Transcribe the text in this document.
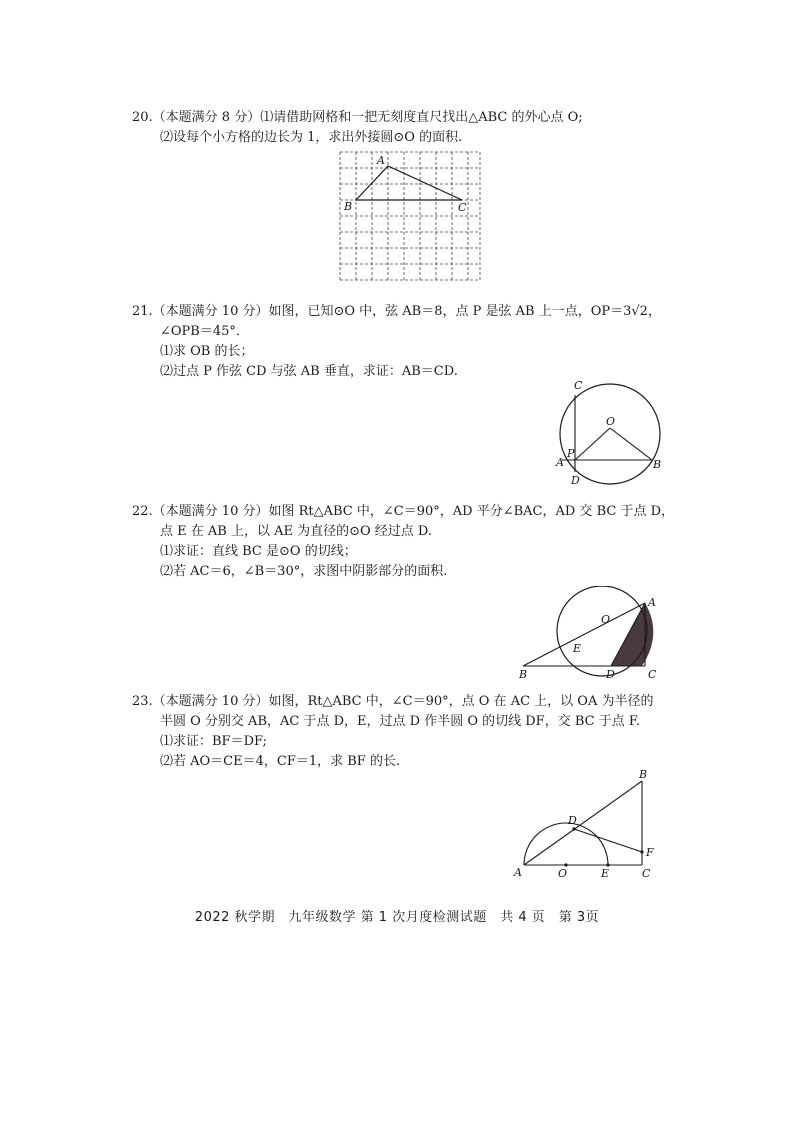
20.（本题满分 8 分）⑴请借助网格和一把无刻度直尺找出△ABC 的外心点 O;
⑵设每个小方格的边长为 1，求出外接圆⊙O 的面积.
A
B	C
21.（本题满分 10 分）如图，已知⊙O 中，弦 AB＝8，点 P 是弦 AB 上一点，OP＝3√2，
∠OPB＝45°．
⑴求 OB 的长；
⑵过点 P 作弦 CD 与弦 AB 垂直，求证：AB＝CD.
C
O
P
A	B
D
22.（本题满分 10 分）如图 Rt△ABC 中，∠C＝90°，AD 平分∠BAC，AD 交 BC 于点 D，
点 E 在 AB 上，以 AE 为直径的⊙O 经过点 D.
⑴求证：直线 BC 是⊙O 的切线；
⑵若 AC＝6，∠B＝30°，求图中阴影部分的面积.
A
O
E
B	D	C
23.（本题满分 10 分）如图，Rt△ABC 中，∠C＝90°，点 O 在 AC 上，以 OA 为半径的
半圆 O 分别交 AB，AC 于点 D，E，过点 D 作半圆 O 的切线 DF，交 BC 于点 F.
⑴求证：BF＝DF;
⑵若 AO＝CE＝4，CF＝1，求 BF 的长.
B
D
F
A	O	E	C
2022 秋学期　九年级数学 第 1 次月度检测试题　共 4 页　第 3页
